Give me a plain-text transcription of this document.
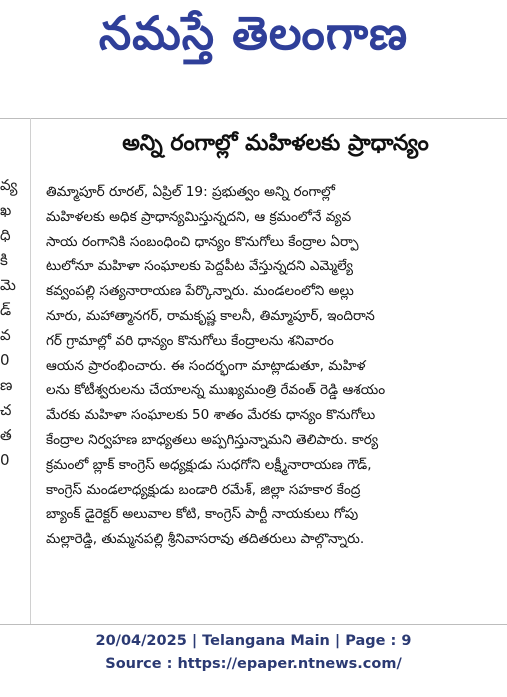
నమస్తే తెలంగాణ
వ్య
ఖ
ధి
కి
మె
డ్
వ
0
ణ
చ
త
0
అన్ని రంగాల్లో మహిళలకు ప్రాధాన్యం

తిమ్మాపూర్ రూరల్, ఏప్రిల్ 19: ప్రభుత్వం అన్ని రంగాల్లో

మహిళలకు అధిక ప్రాధాన్యమిస్తున్నదని, ఆ క్రమంలోనే వ్యవ

సాయ రంగానికి సంబంధించి ధాన్యం కొనుగోలు కేంద్రాల ఏర్పా

టులోనూ మహిళా సంఘాలకు పెద్దపీట వేస్తున్నదని ఎమ్మెల్యే

కవ్వంపల్లి సత్యనారాయణ పేర్కొన్నారు. మండలంలోని అల్లు

నూరు, మహాత్మానగర్, రామకృష్ణ కాలనీ, తిమ్మాపూర్, ఇందిరాన

గర్ గ్రామాల్లో వరి ధాన్యం కొనుగోలు కేంద్రాలను శనివారం

ఆయన ప్రారంభించారు. ఈ సందర్భంగా మాట్లాడుతూ, మహిళ

లను కోటీశ్వరులను చేయాలన్న ముఖ్యమంత్రి రేవంత్ రెడ్డి ఆశయం

మేరకు మహిళా సంఘాలకు 50 శాతం మేరకు ధాన్యం కొనుగోలు

కేంద్రాల నిర్వహణ బాధ్యతలు అప్పగిస్తున్నామని తెలిపారు. కార్య

క్రమంలో బ్లాక్ కాంగ్రెస్ అధ్యక్షుడు సుధగోని లక్ష్మీనారాయణ గౌడ్,

కాంగ్రెస్ మండలాధ్యక్షుడు బండారి రమేశ్, జిల్లా సహకార కేంద్ర

బ్యాంక్ డైరెక్టర్ అలువాల కోటి, కాంగ్రెస్ పార్టీ నాయకులు గోపు

మల్లారెడ్డి, తుమ్మనపల్లి శ్రీనివాసరావు తదితరులు పాల్గొన్నారు.

20/04/2025 | Telangana Main | Page : 9
Source : https://epaper.ntnews.com/
